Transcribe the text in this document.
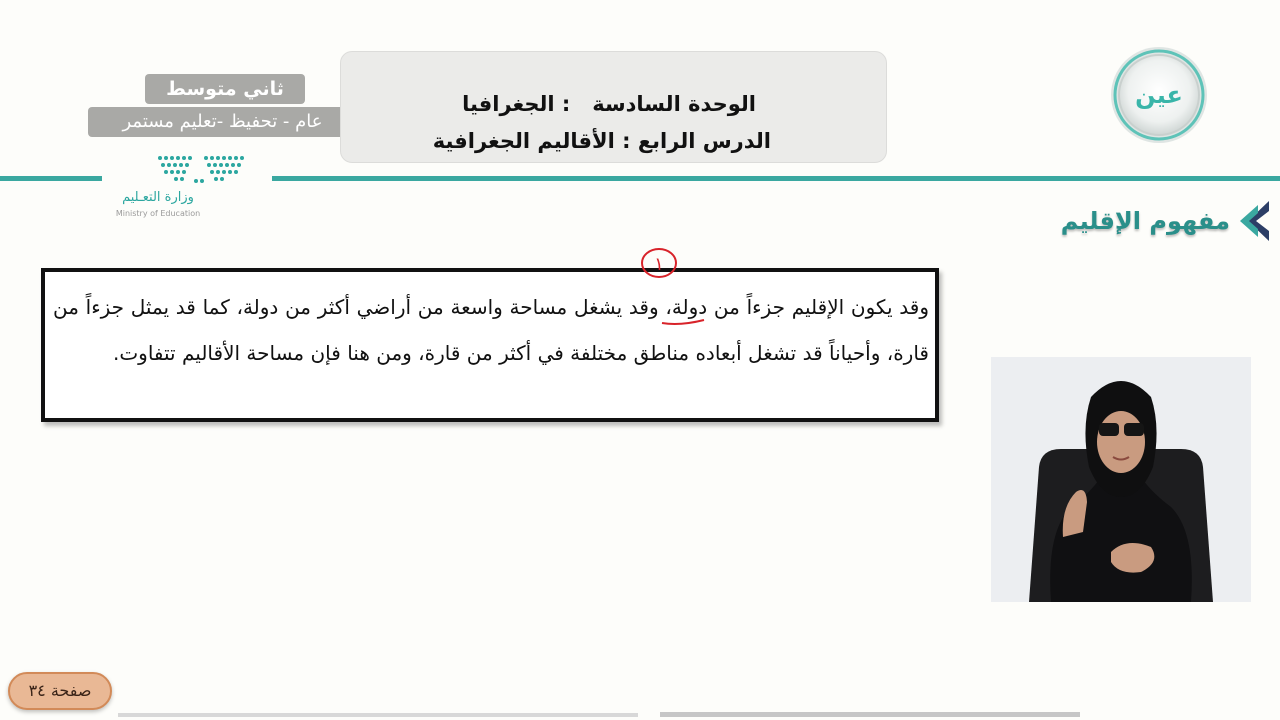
ثاني متوسط
عام - تحفيظ -تعليم مستمر
وزارة التعـليم
Ministry of Education
الوحدة السادسة   : الجغرافيا
الدرس الرابع : الأقاليم الجغرافية
عين
مفهوم الإقليم

وقد يكون الإقليم جزءاً من دولة، وقد يشغل مساحة واسعة من أراضي أكثر من دولة، كما قد يمثل جزءاً من قارة، وأحياناً قد تشغل أبعاده مناطق مختلفة في أكثر من قارة، ومن هنا فإن مساحة الأقاليم تتفاوت.

١
صفحة ٣٤
